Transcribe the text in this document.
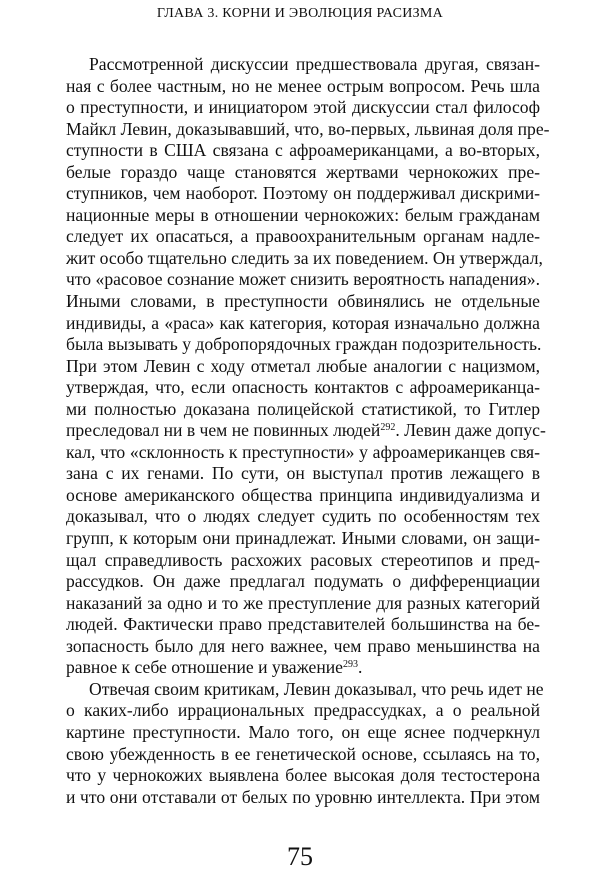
ГЛАВА 3. КОРНИ И ЭВОЛЮЦИЯ РАСИЗМА
Рассмотренной дискуссии предшествовала другая, связан-
ная с более частным, но не менее острым вопросом. Речь шла
о преступности, и инициатором этой дискуссии стал философ
Майкл Левин, доказывавший, что, во-первых, львиная доля пре-
ступности в США связана с афроамериканцами, а во-вторых,
белые гораздо чаще становятся жертвами чернокожих пре-
ступников, чем наоборот. Поэтому он поддерживал дискрими-
национные меры в отношении чернокожих: белым гражданам
следует их опасаться, а правоохранительным органам надле-
жит особо тщательно следить за их поведением. Он утверждал,
что «расовое сознание может снизить вероятность нападения».
Иными словами, в преступности обвинялись не отдельные
индивиды, а «раса» как категория, которая изначально должна
была вызывать у добропорядочных граждан подозрительность.
При этом Левин с ходу отметал любые аналогии с нацизмом,
утверждая, что, если опасность контактов с афроамериканца-
ми полностью доказана полицейской статистикой, то Гитлер
преследовал ни в чем не повинных людей$^{292}$. Левин даже допус-
кал, что «склонность к преступности» у афроамериканцев свя-
зана с их генами. По сути, он выступал против лежащего в
основе американского общества принципа индивидуализма и
доказывал, что о людях следует судить по особенностям тех
групп, к которым они принадлежат. Иными словами, он защи-
щал справедливость расхожих расовых стереотипов и пред-
рассудков. Он даже предлагал подумать о дифференциации
наказаний за одно и то же преступление для разных категорий
людей. Фактически право представителей большинства на бе-
зопасность было для него важнее, чем право меньшинства на
равное к себе отношение и уважение$^{293}$.
Отвечая своим критикам, Левин доказывал, что речь идет не
о каких-либо иррациональных предрассудках, а о реальной
картине преступности. Мало того, он еще яснее подчеркнул
свою убежденность в ее генетической основе, ссылаясь на то,
что у чернокожих выявлена более высокая доля тестостерона
и что они отставали от белых по уровню интеллекта. При этом
75
